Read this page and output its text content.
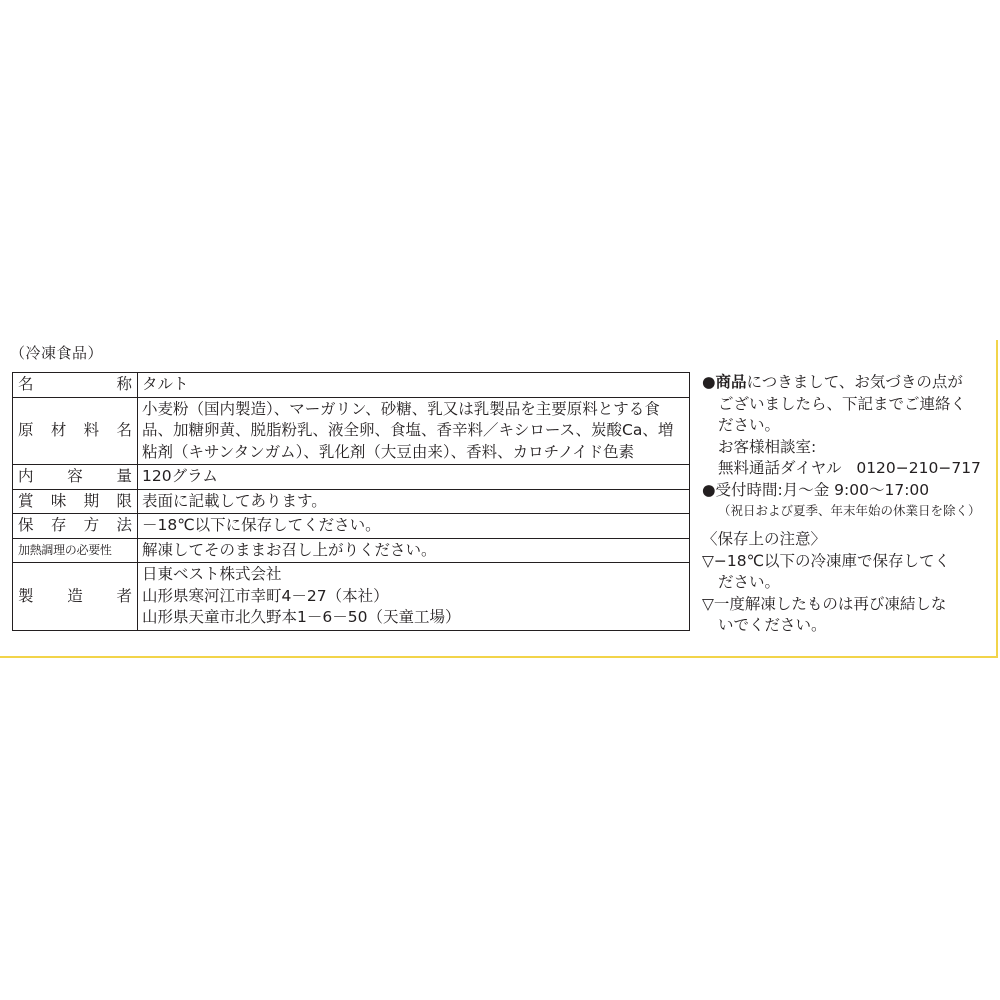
（冷凍食品）
名称	タルト

原材料名	小麦粉（国内製造）、マーガリン、砂糖、乳又は乳製品を主要原料とする食
品、加糖卵黄、脱脂粉乳、液全卵、食塩、香辛料／キシロース、炭酸Ca、増
粘剤（キサンタンガム）、乳化剤（大豆由来）、香料、カロチノイド色素

内容量	120グラム

賞味期限	表面に記載してあります。

保存方法	－18℃以下に保存してください。

加熱調理の必要性	解凍してそのままお召し上がりください。

製造者	日東ベスト株式会社
山形県寒河江市幸町4－27（本社）
山形県天童市北久野本1－6－50（天童工場）
●商品につきまして、お気づきの点が
ございましたら、下記までご連絡く
ださい。
お客様相談室:
無料通話ダイヤル 0120−210−717
●受付時間:月～金 9:00～17:00
（祝日および夏季、年末年始の休業日を除く）
〈保存上の注意〉
▽−18℃以下の冷凍庫で保存してく
ださい。
▽一度解凍したものは再び凍結しな
いでください。
